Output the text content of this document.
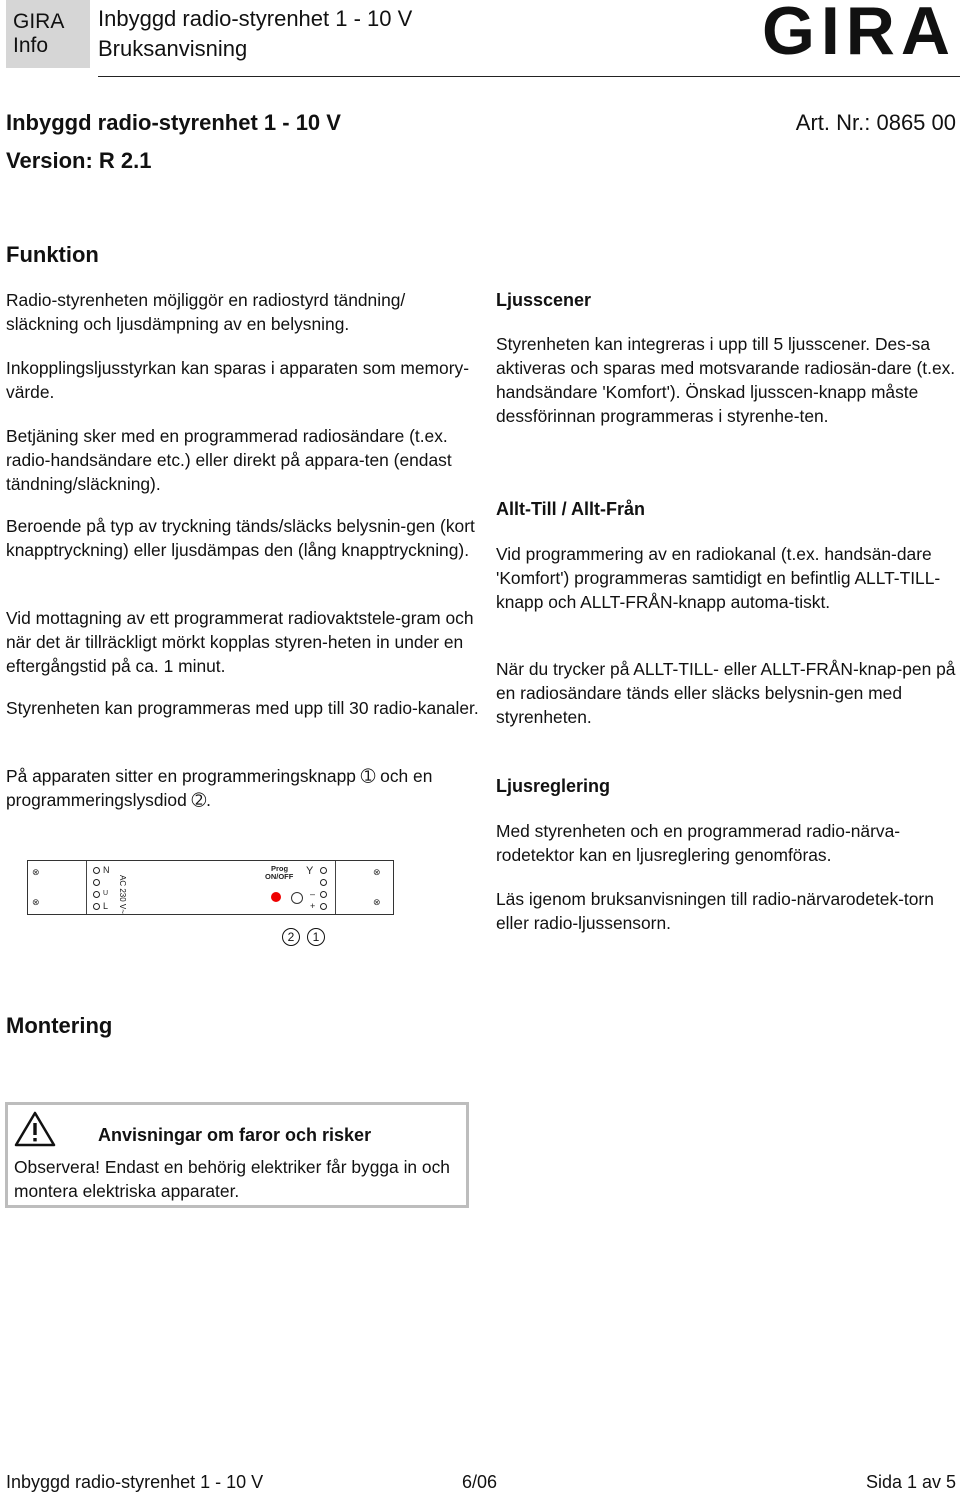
GIRA
Info
Inbyggd radio-styrenhet 1 - 10 V
Bruksanvisning	GIRA
Inbyggd radio-styrenhet 1 - 10 V	Art. Nr.: 0865 00
Version: R 2.1
Funktion

Radio-styrenheten möjliggör en radiostyrd tändning/ släckning och ljusdämpning av en belysning.

Inkopplingsljusstyrkan kan sparas i apparaten som memory-värde.

Betjäning sker med en programmerad radiosändare (t.ex. radio-handsändare etc.) eller direkt på appara-ten (endast tändning/släckning).

Beroende på typ av tryckning tänds/släcks belysnin-gen (kort knapptryckning) eller ljusdämpas den (lång knapptryckning).

Vid mottagning av ett programmerat radiovaktstele-gram och när det är tillräckligt mörkt kopplas styren-heten in under en eftergångstid på ca. 1 minut.

Styrenheten kan programmeras med upp till 30 radio-kanaler.

På apparaten sitter en programmeringsknapp ➀ och en programmeringslysdiod ➁.

⊗
⊗
⊗
⊗
N
U
L AC 230 V~
Prog
ON/OFF Y
–
+
2	1
Ljusscener

Styrenheten kan integreras i upp till 5 ljusscener. Des-sa aktiveras och sparas med motsvarande radiosän-dare (t.ex. handsändare 'Komfort'). Önskad ljusscen-knapp måste dessförinnan programmeras i styrenhe-ten.

Allt-Till / Allt-Från

Vid programmering av en radiokanal (t.ex. handsän-dare 'Komfort') programmeras samtidigt en befintlig ALLT-TILL-knapp och ALLT-FRÅN-knapp automa-tiskt.

När du trycker på ALLT-TILL- eller ALLT-FRÅN-knap-pen på en radiosändare tänds eller släcks belysnin-gen med styrenheten.

Ljusreglering

Med styrenheten och en programmerad radio-närva-rodetektor kan en ljusreglering genomföras.

Läs igenom bruksanvisningen till radio-närvarodetek-torn eller radio-ljussensorn.

Montering
Anvisningar om faror och risker
Observera! Endast en behörig elektriker får bygga in och montera elektriska apparater.
Inbyggd radio-styrenhet 1 - 10 V	6/06	Sida 1 av 5
